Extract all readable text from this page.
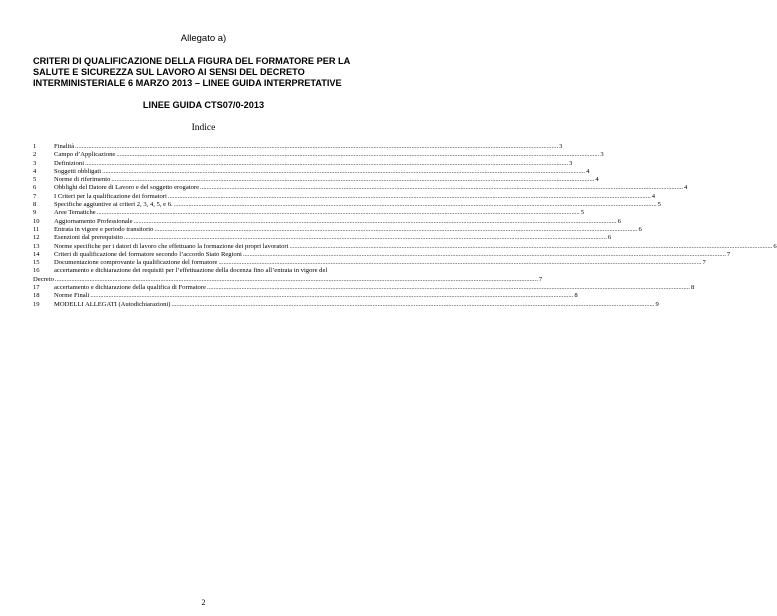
Allegato a)
CRITERI DI QUALIFICAZIONE DELLA FIGURA DEL FORMATORE PER LA
SALUTE E SICUREZZA SUL LAVORO AI SENSI DEL DECRETO
INTERMINISTERIALE 6 MARZO 2013 – LINEE GUIDA INTERPRETATIVE
LINEE GUIDA CTS07/0-2013
Indice
1	Finalità .....	3
2	Campo d’Applicazione .....	3
3	Definizioni .....	3
4	Soggetti obbligati .....	4
5	Norme di riferimento .....	4
6	Obblighi del Datore di Lavoro e del soggetto erogatore .....	4
7	I Criteri per la qualificazione dei formatori .....	4
8	Specifiche aggiuntive ai criteri 2, 3, 4, 5, e 6. .....	5
9	Aree Tematiche .....	5
10	Aggiornamento Professionale .....	6
11	Entrata in vigore e periodo transitorio .....	6
12	Esenzioni dal prerequisito .....	6
13	Norme specifiche per i datori di lavoro che effettuano la formazione dei propri lavoratori .....	6
14	Criteri di qualificazione del formatore secondo l’accordo Stato Regioni .....	7
15	Documentazione comprovante la qualificazione del formatore .....	7
16	accertamento e dichiarazione dei requisiti per l’effettuazione della docenza fino all’entrata in vigore del
Decreto .....	7
17	accertamento e dichiarazione della qualifica di Formatore .....	8
18	Norme Finali .....	8
19	MODELLI ALLEGATI (Autodichiarazioni) .....	9
2
